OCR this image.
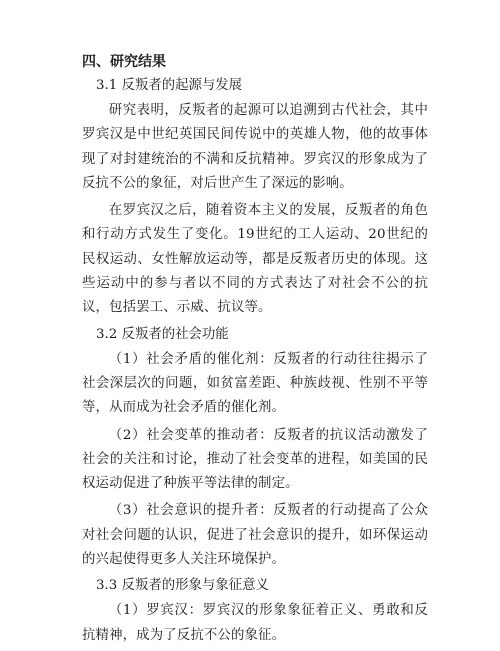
四、研究结果
3.1 反叛者的起源与发展

研究表明，反叛者的起源可以追溯到古代社会，其中罗宾汉是中世纪英国民间传说中的英雄人物，他的故事体现了对封建统治的不满和反抗精神。罗宾汉的形象成为了反抗不公的象征，对后世产生了深远的影响。

在罗宾汉之后，随着资本主义的发展，反叛者的角色和行动方式发生了变化。19世纪的工人运动、20世纪的民权运动、女性解放运动等，都是反叛者历史的体现。这些运动中的参与者以不同的方式表达了对社会不公的抗议，包括罢工、示威、抗议等。

3.2 反叛者的社会功能

（1）社会矛盾的催化剂：反叛者的行动往往揭示了社会深层次的问题，如贫富差距、种族歧视、性别不平等等，从而成为社会矛盾的催化剂。

（2）社会变革的推动者：反叛者的抗议活动激发了社会的关注和讨论，推动了社会变革的进程，如美国的民权运动促进了种族平等法律的制定。

（3）社会意识的提升者：反叛者的行动提高了公众对社会问题的认识，促进了社会意识的提升，如环保运动的兴起使得更多人关注环境保护。

3.3 反叛者的形象与象征意义

（1）罗宾汉：罗宾汉的形象象征着正义、勇敢和反抗精神，成为了反抗不公的象征。
